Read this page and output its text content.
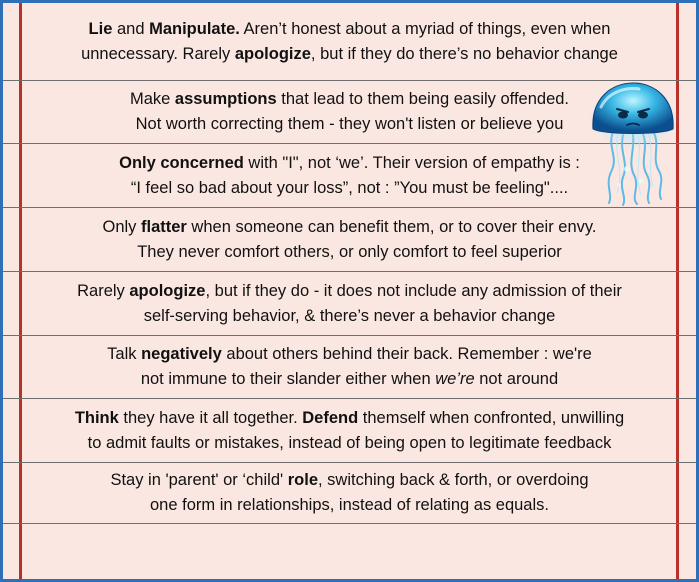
Lie and Manipulate. Aren’t honest about a myriad of things, even when
unnecessary. Rarely apologize, but if they do there’s no behavior change
Make assumptions that lead to them being easily offended.
Not worth correcting them - they won't listen or believe you
Only concerned with "I", not ‘we’. Their version of empathy is :
“I feel so bad about your loss”, not : ”You must be feeling"....
Only flatter when someone can benefit them, or to cover their envy.
They never comfort others, or only comfort to feel superior
Rarely apologize, but if they do - it does not include any admission of their
self-serving behavior, & there’s never a behavior change
Talk negatively about others behind their back. Remember : we're
not immune to their slander either when we’re not around
Think they have it all together. Defend themself when confronted, unwilling
to admit faults or mistakes, instead of being open to legitimate feedback
Stay in 'parent' or ‘child' role, switching back & forth, or overdoing
one form in relationships, instead of relating as equals.
